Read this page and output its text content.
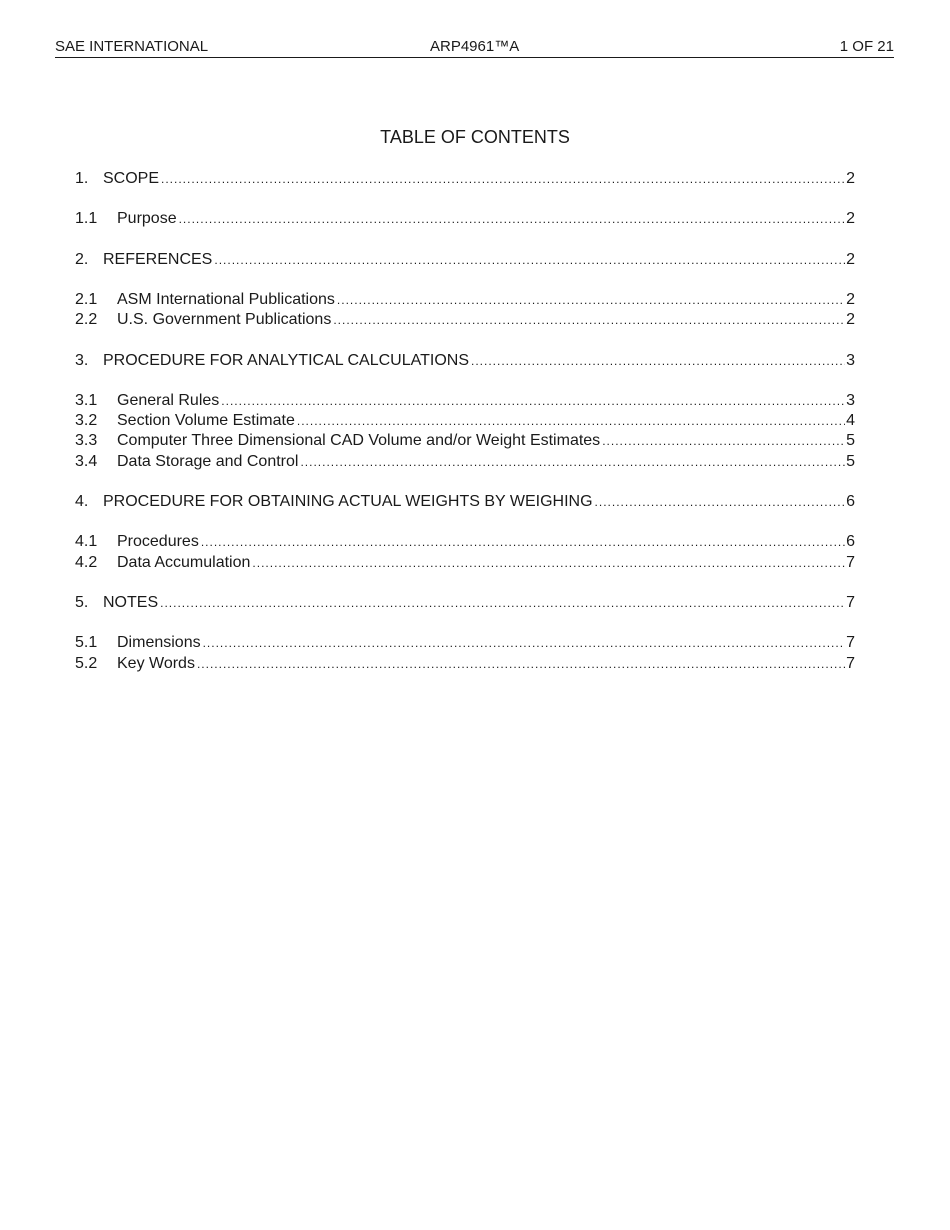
SAE INTERNATIONAL	ARP4961™A	1 OF 21
TABLE OF CONTENTS
1. SCOPE .....	2
1.1	Purpose .....	2
2. REFERENCES .....	2
2.1	ASM International Publications .....	2
2.2	U.S. Government Publications .....	2
3. PROCEDURE FOR ANALYTICAL CALCULATIONS .....	3
3.1	General Rules .....	3
3.2	Section Volume Estimate .....	4
3.3	Computer Three Dimensional CAD Volume and/or Weight Estimates .....	5
3.4	Data Storage and Control .....	5
4. PROCEDURE FOR OBTAINING ACTUAL WEIGHTS BY WEIGHING .....	6
4.1	Procedures .....	6
4.2	Data Accumulation .....	7
5. NOTES .....	7
5.1	Dimensions .....	7
5.2	Key Words .....	7
